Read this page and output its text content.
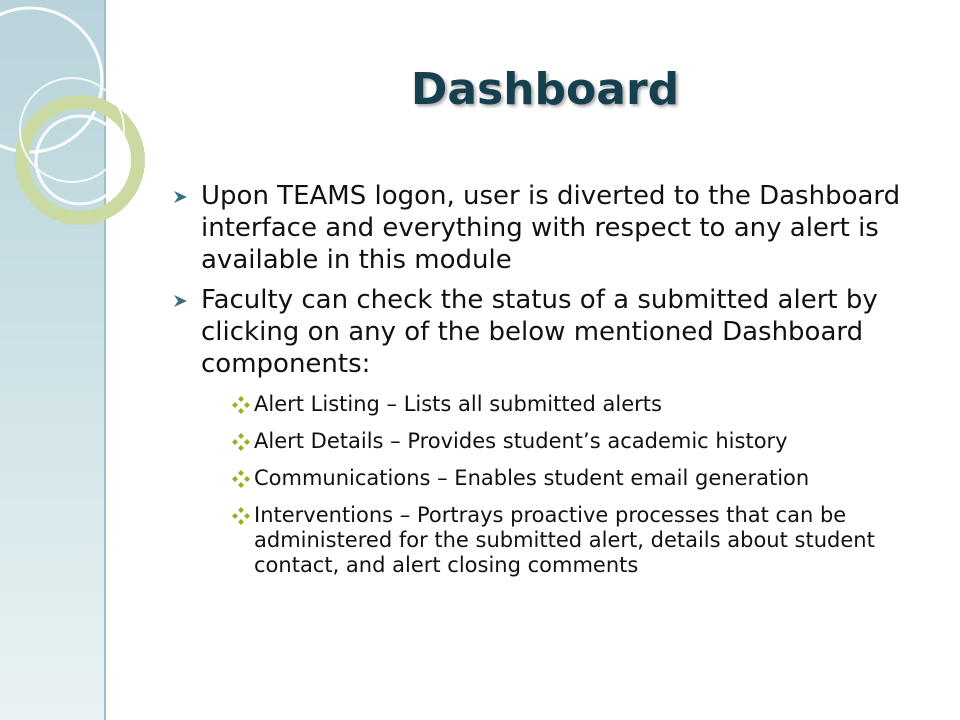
Dashboard
Upon TEAMS logon, user is diverted to the Dashboard interface and everything with respect to any alert is available in this module
Faculty can check the status of a submitted alert by clicking on any of the below mentioned Dashboard components:
Alert Listing – Lists all submitted alerts
Alert Details – Provides student’s academic history
Communications – Enables student email generation
Interventions – Portrays proactive processes that can be administered for the submitted alert, details about student contact, and alert closing comments
